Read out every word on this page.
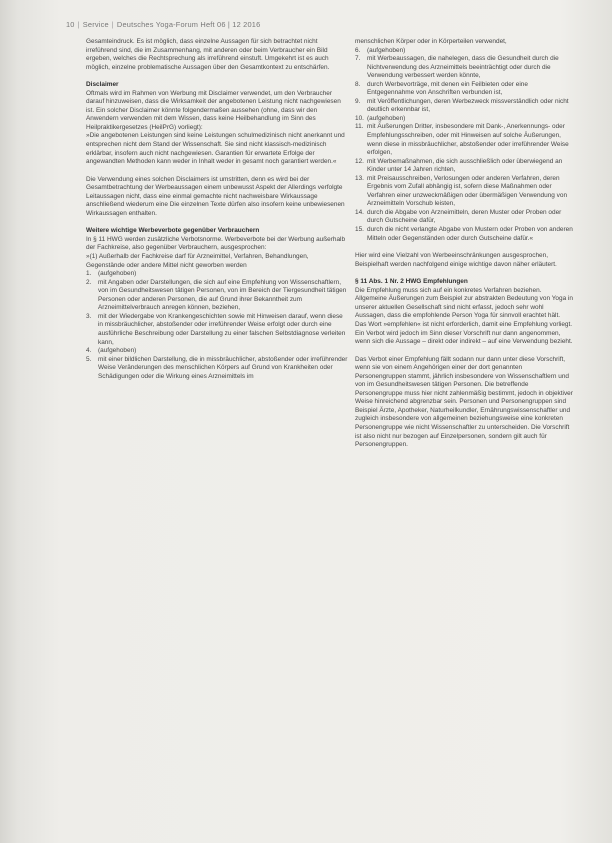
10 | Service | Deutsches Yoga-Forum Heft 06 | 12 2016

Gesamteindruck. Es ist möglich, dass einzelne Aussagen für sich betrachtet nicht irreführend sind, die im Zusammenhang, mit anderen oder beim Verbraucher ein Bild ergeben, welches die Rechtsprechung als irreführend einstuft. Umgekehrt ist es auch möglich, einzelne problematische Aussagen über den Gesamtkontext zu entschärfen.

Disclaimer

Oftmals wird im Rahmen von Werbung mit Disclaimer verwendet, um den Verbraucher darauf hinzuweisen, dass die Wirksamkeit der angebotenen Leistung nicht nachgewiesen ist. Ein solcher Disclaimer könnte folgendermaßen aussehen (ohne, dass wir den Anwendern verwenden mit dem Wissen, dass keine Heilbehandlung im Sinn des Heilpraktikergesetzes (HeilPrG) vorliegt):

»Die angebotenen Leistungen sind keine Leistungen schulmedizinisch nicht anerkannt und entsprechen nicht dem Stand der Wissenschaft. Sie sind nicht klassisch-medizinisch erklärbar, insofern auch nicht nachgewiesen. Garantien für erwartete Erfolge der angewandten Methoden kann weder in Inhalt weder in gesamt noch garantiert werden.«

Die Verwendung eines solchen Disclaimers ist umstritten, denn es wird bei der Gesamtbetrachtung der Werbeaussagen einem unbewusst Aspekt der Allerdings verfolgte Leitaussagen nicht, dass eine einmal gemachte nicht nachweisbare Wirkaussage anschließend wiederum eine Die einzelnen Texte dürfen also insofern keine unbewiesenen Wirkaussagen enthalten.

Weitere wichtige Werbeverbote gegenüber Verbrauchern

In § 11 HWG werden zusätzliche Verbotsnorme. Werbeverbote bei der Werbung außerhalb der Fachkreise, also gegenüber Verbrauchern, ausgesprochen:

»(1) Außerhalb der Fachkreise darf für Arzneimittel, Verfahren, Behandlungen, Gegenstände oder andere Mittel nicht geworben werden

1. (aufgehoben)
2. mit Angaben oder Darstellungen, die sich auf eine Empfehlung von Wissenschaftlern, von im Gesundheitswesen tätigen Personen, von im Bereich der Tiergesundheit tätigen Personen oder anderen Personen, die auf Grund ihrer Bekanntheit zum Arzneimittelverbrauch anregen können, beziehen,
3. mit der Wiedergabe von Krankengeschichten sowie mit Hinweisen darauf, wenn diese in missbräuchlicher, abstoßender oder irreführender Weise erfolgt oder durch eine ausführliche Beschreibung oder Darstellung zu einer falschen Selbstdiagnose verleiten kann,
4. (aufgehoben)
5. mit einer bildlichen Darstellung, die in missbräuchlicher, abstoßender oder irreführender Weise Veränderungen des menschlichen Körpers auf Grund von Krankheiten oder Schädigungen oder die Wirkung eines Arzneimittels im

menschlichen Körper oder in Körperteilen verwendet,

6. (aufgehoben)
7. mit Werbeaussagen, die nahelegen, dass die Gesundheit durch die Nichtverwendung des Arzneimittels beeinträchtigt oder durch die Verwendung verbessert werden könnte,
8. durch Werbevorträge, mit denen ein Feilbieten oder eine Entgegennahme von Anschriften verbunden ist,
9. mit Veröffentlichungen, deren Werbezweck missverständlich oder nicht deutlich erkennbar ist,
10. (aufgehoben)
11. mit Äußerungen Dritter, insbesondere mit Dank-, Anerkennungs- oder Empfehlungsschreiben, oder mit Hinweisen auf solche Äußerungen, wenn diese in missbräuchlicher, abstoßender oder irreführender Weise erfolgen,
12. mit Werbemaßnahmen, die sich ausschließlich oder überwiegend an Kinder unter 14 Jahren richten,
13. mit Preisausschreiben, Verlosungen oder anderen Verfahren, deren Ergebnis vom Zufall abhängig ist, sofern diese Maßnahmen oder Verfahren einer unzweckmäßigen oder übermäßigen Verwendung von Arzneimitteln Vorschub leisten,
14. durch die Abgabe von Arzneimitteln, deren Muster oder Proben oder durch Gutscheine dafür,
15. durch die nicht verlangte Abgabe von Mustern oder Proben von anderen Mitteln oder Gegenständen oder durch Gutscheine dafür.«

Hier wird eine Vielzahl von Werbeeinschränkungen ausgesprochen, Beispielhaft werden nachfolgend einige wichtige davon näher erläutert.

§ 11 Abs. 1 Nr. 2 HWG Empfehlungen

Die Empfehlung muss sich auf ein konkretes Verfahren beziehen. Allgemeine Äußerungen zum Beispiel zur abstrakten Bedeutung von Yoga in unserer aktuellen Gesellschaft sind nicht erfasst, jedoch sehr wohl Aussagen, dass die empfohlende Person Yoga für sinnvoll erachtet hält. Das Wort »empfehlen« ist nicht erforderlich, damit eine Empfehlung vorliegt. Ein Verbot wird jedoch im Sinn dieser Vorschrift nur dann angenommen, wenn sich die Aussage – direkt oder indirekt – auf eine Verwendung bezieht.

Das Verbot einer Empfehlung fällt sodann nur dann unter diese Vorschrift, wenn sie von einem Angehörigen einer der dort genannten Personengruppen stammt, jährlich insbesondere von Wissenschaftlern und von im Gesundheitswesen tätigen Personen. Die betreffende Personengruppe muss hier nicht zahlenmäßig bestimmt, jedoch in objektiver Weise hinreichend abgrenzbar sein. Personen und Personengruppen sind Beispiel Ärzte, Apotheker, Naturheilkundler, Ernährungswissenschaftler und zugleich insbesondere von allgemeinen beziehungsweise eine konkreten Personengruppe wie nicht Wissenschaftler zu unterscheiden. Die Vorschrift ist also nicht nur bezogen auf Einzelpersonen, sondern gilt auch für Personengruppen.
